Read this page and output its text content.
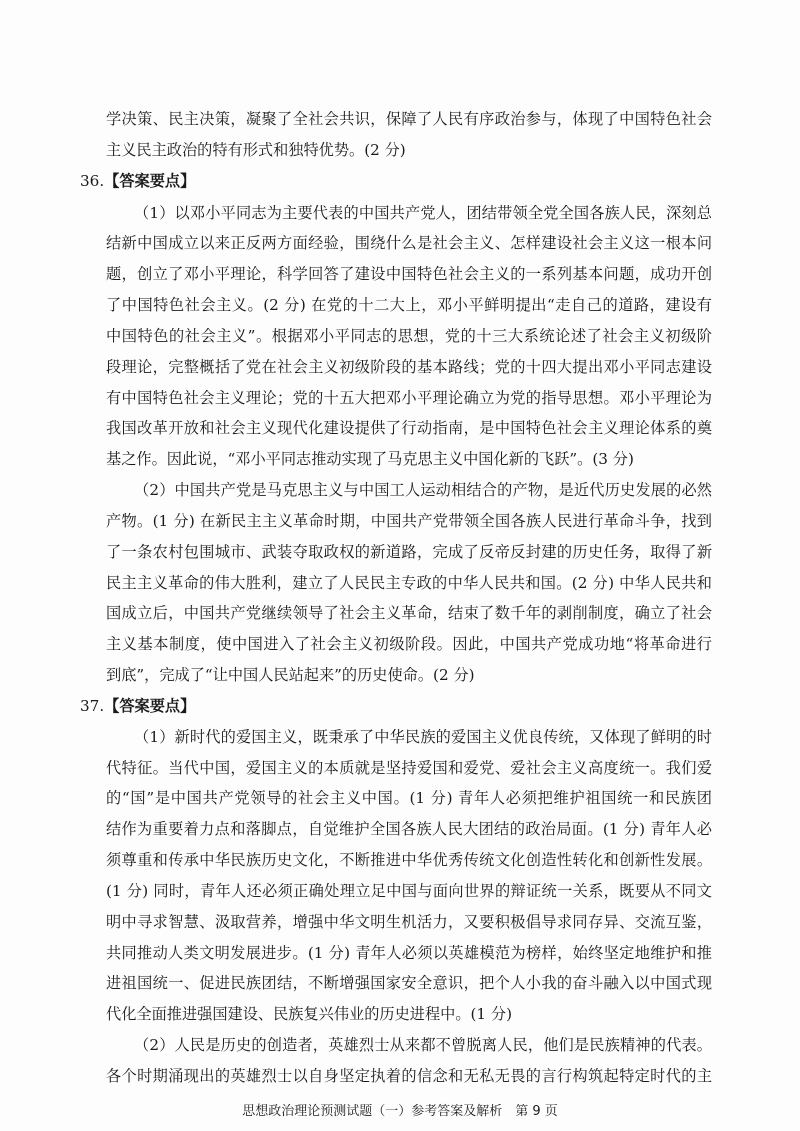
学决策、民主决策，凝聚了全社会共识，保障了人民有序政治参与，体现了中国特色社会
主义民主政治的特有形式和独特优势。(2 分)
36.【答案要点】
（1）以邓小平同志为主要代表的中国共产党人，团结带领全党全国各族人民，深刻总
结新中国成立以来正反两方面经验，围绕什么是社会主义、怎样建设社会主义这一根本问
题，创立了邓小平理论，科学回答了建设中国特色社会主义的一系列基本问题，成功开创
了中国特色社会主义。(2 分) 在党的十二大上，邓小平鲜明提出“走自己的道路，建设有
中国特色的社会主义”。根据邓小平同志的思想，党的十三大系统论述了社会主义初级阶
段理论，完整概括了党在社会主义初级阶段的基本路线；党的十四大提出邓小平同志建设
有中国特色社会主义理论；党的十五大把邓小平理论确立为党的指导思想。邓小平理论为
我国改革开放和社会主义现代化建设提供了行动指南，是中国特色社会主义理论体系的奠
基之作。因此说，“邓小平同志推动实现了马克思主义中国化新的飞跃”。(3 分)
（2）中国共产党是马克思主义与中国工人运动相结合的产物，是近代历史发展的必然
产物。(1 分) 在新民主主义革命时期，中国共产党带领全国各族人民进行革命斗争，找到
了一条农村包围城市、武装夺取政权的新道路，完成了反帝反封建的历史任务，取得了新
民主主义革命的伟大胜利，建立了人民民主专政的中华人民共和国。(2 分) 中华人民共和
国成立后，中国共产党继续领导了社会主义革命，结束了数千年的剥削制度，确立了社会
主义基本制度，使中国进入了社会主义初级阶段。因此，中国共产党成功地“将革命进行
到底”，完成了“让中国人民站起来”的历史使命。(2 分)
37.【答案要点】
（1）新时代的爱国主义，既秉承了中华民族的爱国主义优良传统，又体现了鲜明的时
代特征。当代中国，爱国主义的本质就是坚持爱国和爱党、爱社会主义高度统一。我们爱
的“国”是中国共产党领导的社会主义中国。(1 分) 青年人必须把维护祖国统一和民族团
结作为重要着力点和落脚点，自觉维护全国各族人民大团结的政治局面。(1 分) 青年人必
须尊重和传承中华民族历史文化，不断推进中华优秀传统文化创造性转化和创新性发展。
(1 分) 同时，青年人还必须正确处理立足中国与面向世界的辩证统一关系，既要从不同文
明中寻求智慧、汲取营养，增强中华文明生机活力，又要积极倡导求同存异、交流互鉴，
共同推动人类文明发展进步。(1 分) 青年人必须以英雄模范为榜样，始终坚定地维护和推
进祖国统一、促进民族团结，不断增强国家安全意识，把个人小我的奋斗融入以中国式现
代化全面推进强国建设、民族复兴伟业的历史进程中。(1 分)
（2）人民是历史的创造者，英雄烈士从来都不曾脱离人民，他们是民族精神的代表。
各个时期涌现出的英雄烈士以自身坚定执着的信念和无私无畏的言行构筑起特定时代的主
思想政治理论预测试题（一）参考答案及解析　第 9 页
